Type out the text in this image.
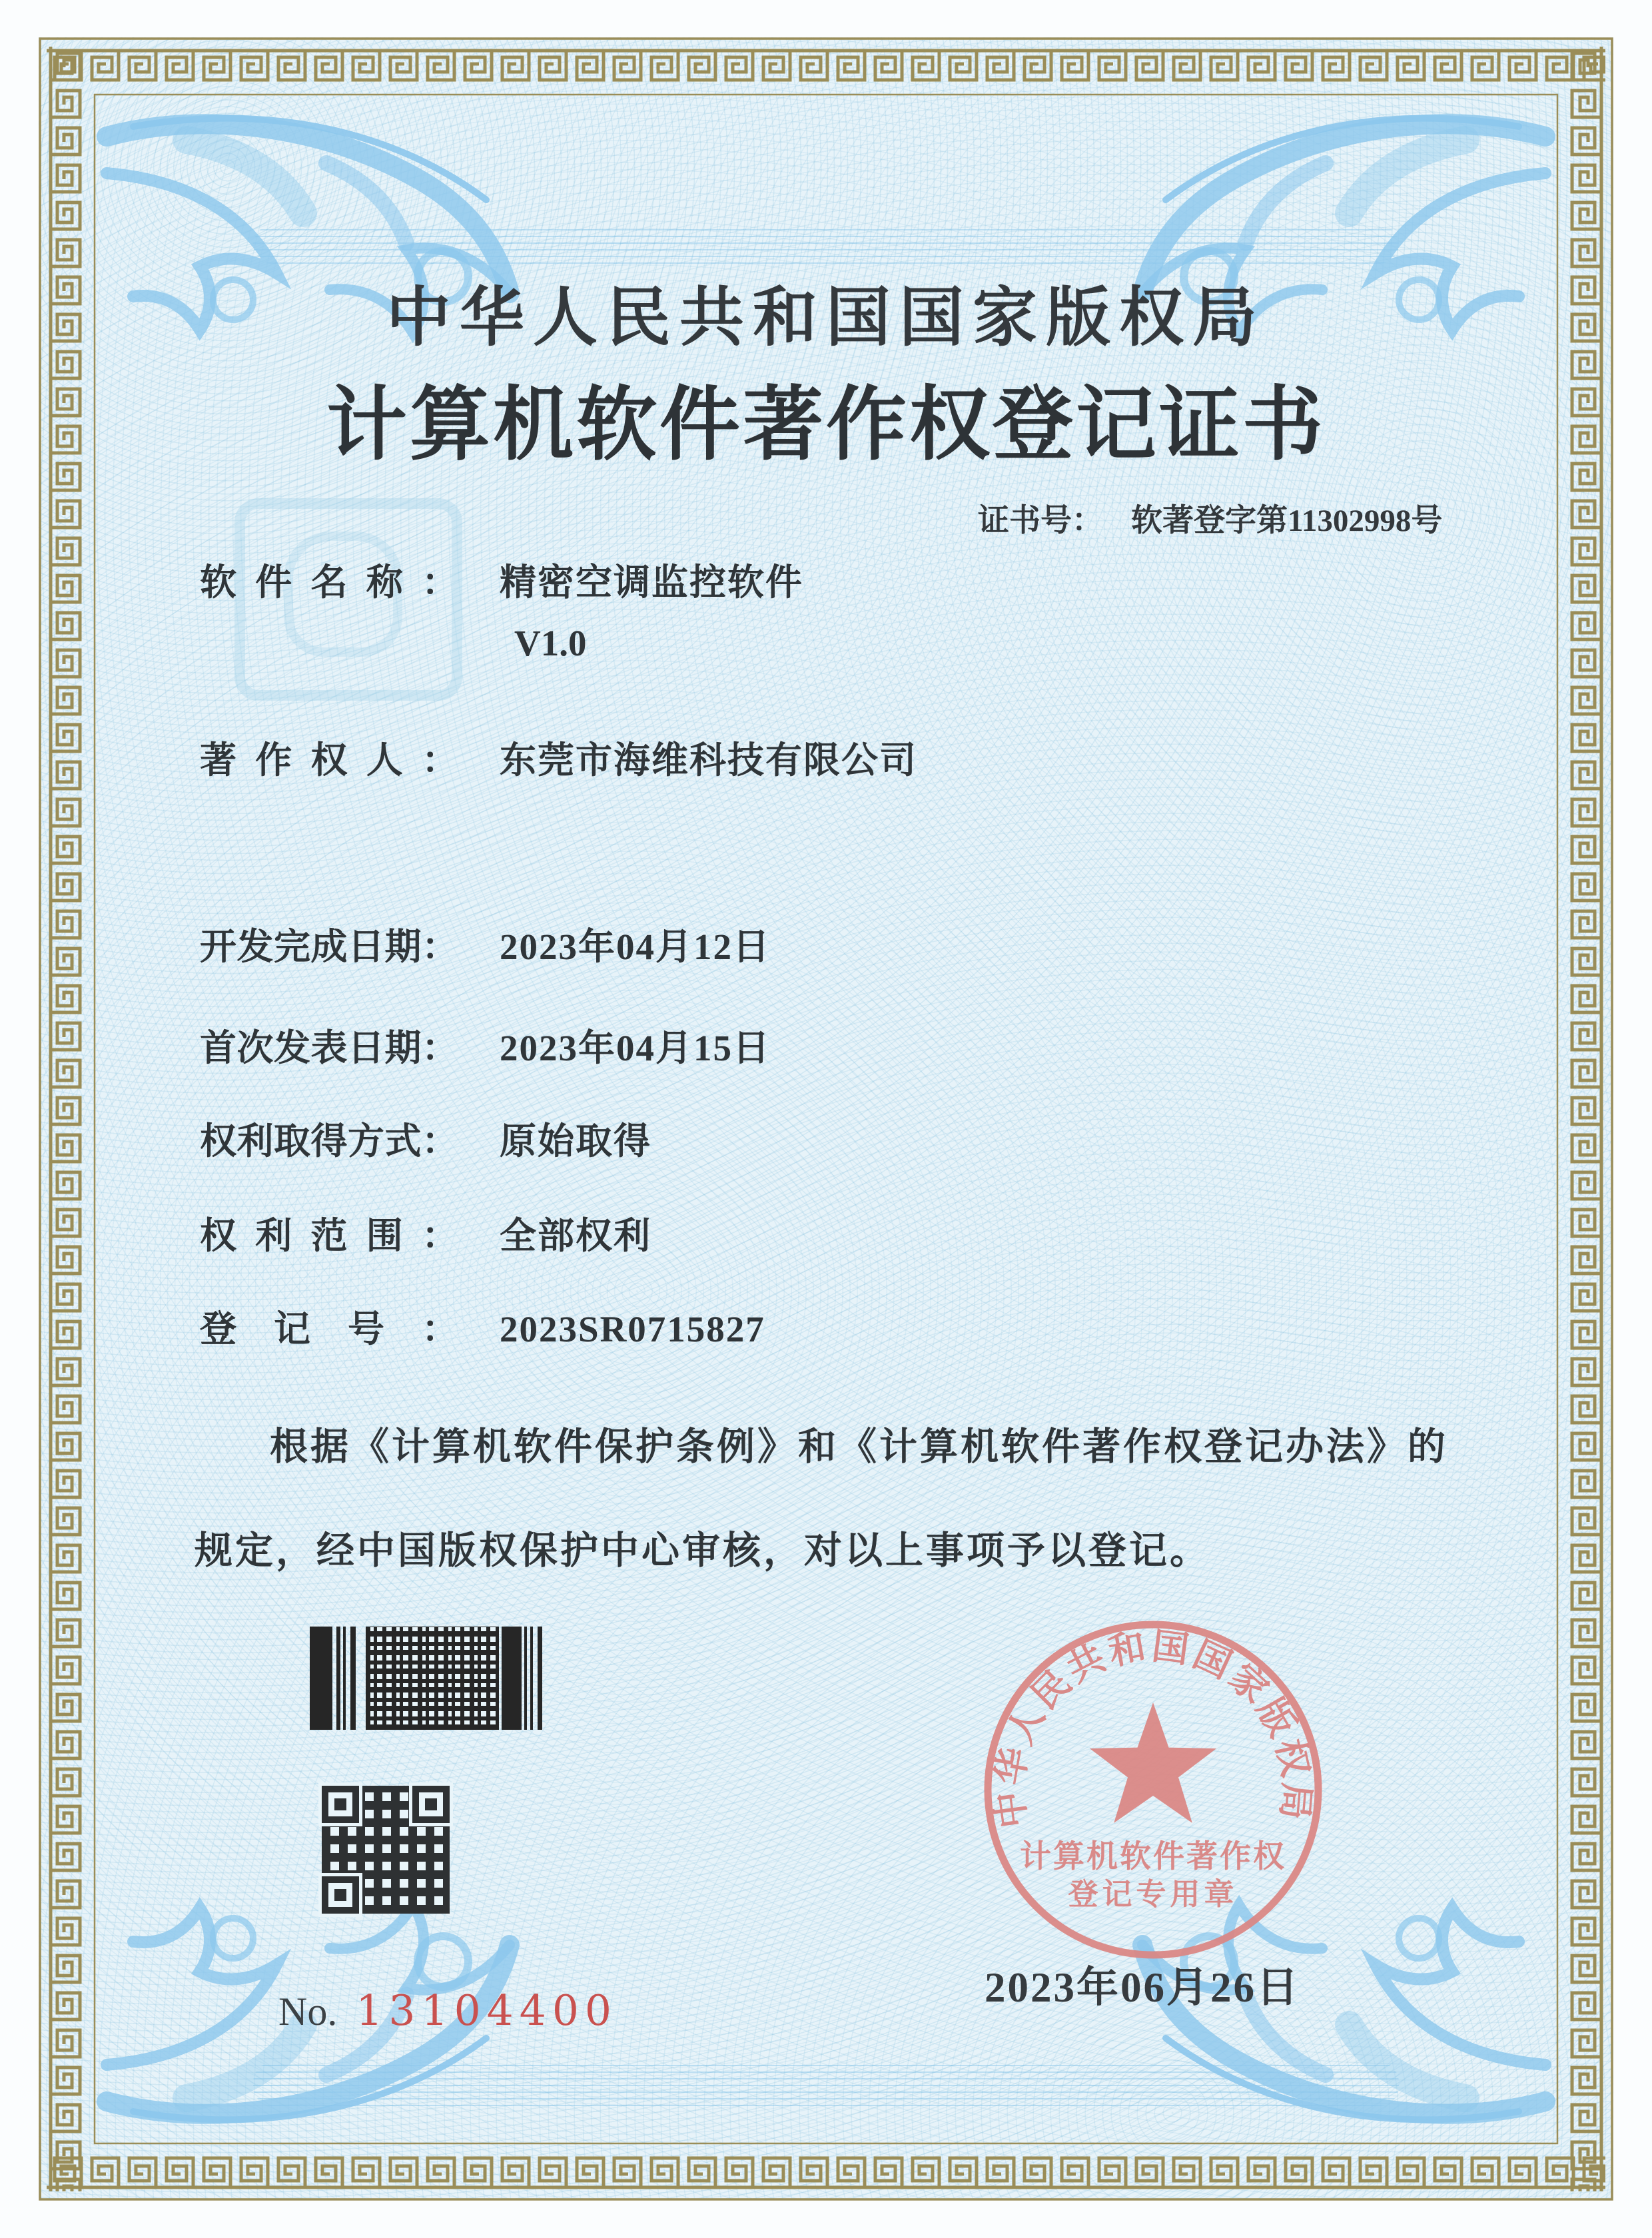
中华人民共和国国家版权局
计算机软件著作权登记证书
证书号： 软著登字第11302998号
软件名称： 精密空调监控软件
V1.0
著作权人： 东莞市海维科技有限公司
开发完成日期： 2023年04月12日
首次发表日期： 2023年04月15日
权利取得方式： 原始取得
权利范围： 全部权利
登记号： 2023SR0715827
根据《计算机软件保护条例》和《计算机软件著作权登记办法》的
规定，经中国版权保护中心审核，对以上事项予以登记。
No. 13104400
中华人民共和国国家版权局
计算机软件著作权
登记专用章
2023年06月26日
